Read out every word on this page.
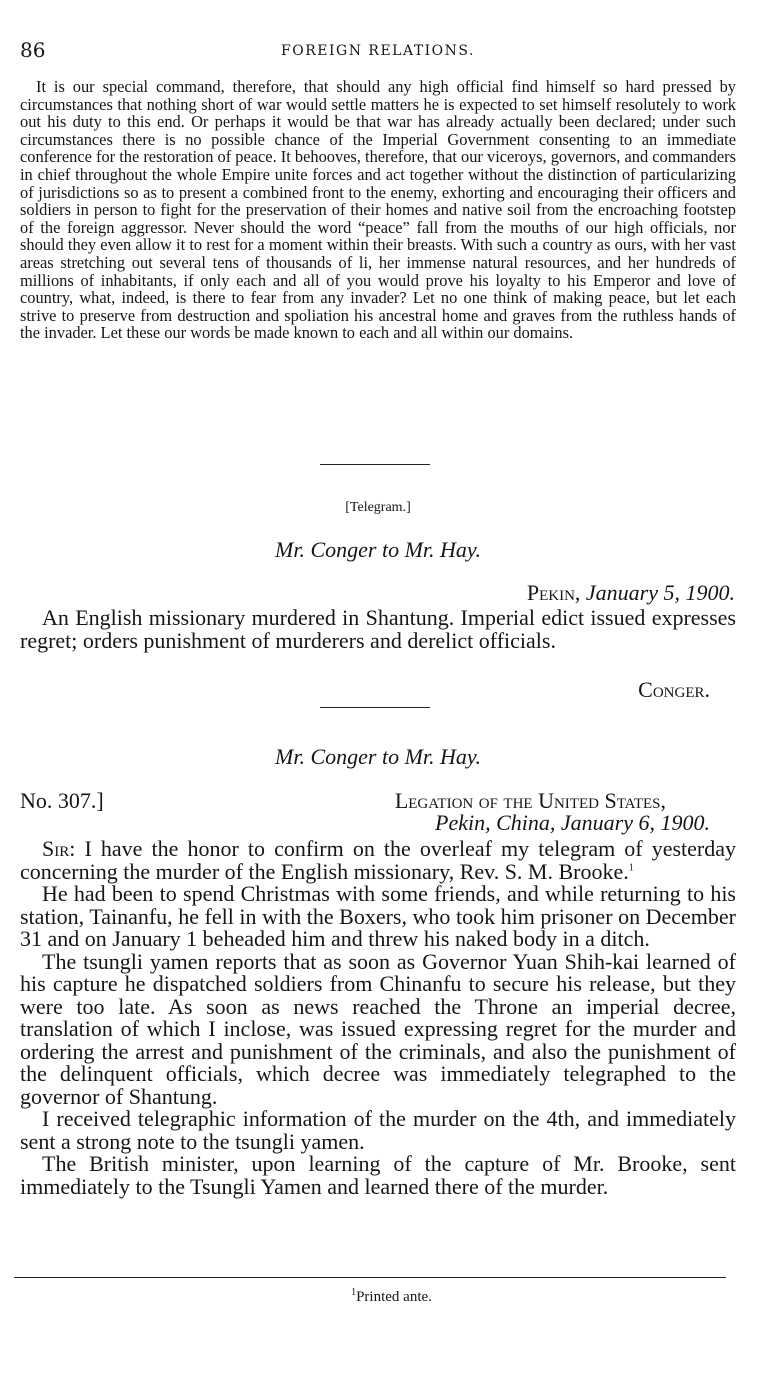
86	FOREIGN RELATIONS.

It is our special command, therefore, that should any high official find himself so hard pressed by circumstances that nothing short of war would settle matters he is expected to set himself resolutely to work out his duty to this end. Or perhaps it would be that war has already actually been declared; under such circumstances there is no possible chance of the Imperial Government consenting to an immediate conference for the restoration of peace. It behooves, therefore, that our viceroys, governors, and commanders in chief throughout the whole Empire unite forces and act together without the distinction of particularizing of jurisdictions so as to present a combined front to the enemy, exhorting and encouraging their officers and soldiers in person to fight for the preservation of their homes and native soil from the encroaching footstep of the foreign aggressor. Never should the word “peace” fall from the mouths of our high officials, nor should they even allow it to rest for a moment within their breasts. With such a country as ours, with her vast areas stretching out several tens of thousands of li, her immense natural resources, and her hundreds of millions of inhabitants, if only each and all of you would prove his loyalty to his Emperor and love of country, what, indeed, is there to fear from any invader? Let no one think of making peace, but let each strive to preserve from destruction and spoliation his ancestral home and graves from the ruthless hands of the invader. Let these our words be made known to each and all within our domains.

[Telegram.]
Mr. Conger to Mr. Hay.
Pekin, January 5, 1900.

An English missionary murdered in Shantung. Imperial edict issued expresses regret; orders punishment of murderers and derelict officials.

Conger.
Mr. Conger to Mr. Hay.
No. 307.]	Legation of the United States,
Pekin, China, January 6, 1900.

Sir: I have the honor to confirm on the overleaf my telegram of yesterday concerning the murder of the English missionary, Rev. S. M. Brooke.$^1$

He had been to spend Christmas with some friends, and while returning to his station, Tainanfu, he fell in with the Boxers, who took him prisoner on December 31 and on January 1 beheaded him and threw his naked body in a ditch.

The tsungli yamen reports that as soon as Governor Yuan Shih-kai learned of his capture he dispatched soldiers from Chinanfu to secure his release, but they were too late. As soon as news reached the Throne an imperial decree, translation of which I inclose, was issued expressing regret for the murder and ordering the arrest and punishment of the criminals, and also the punishment of the delinquent officials, which decree was immediately telegraphed to the governor of Shantung.

I received telegraphic information of the murder on the 4th, and immediately sent a strong note to the tsungli yamen.

The British minister, upon learning of the capture of Mr. Brooke, sent immediately to the Tsungli Yamen and learned there of the murder.

$^1$Printed ante.
